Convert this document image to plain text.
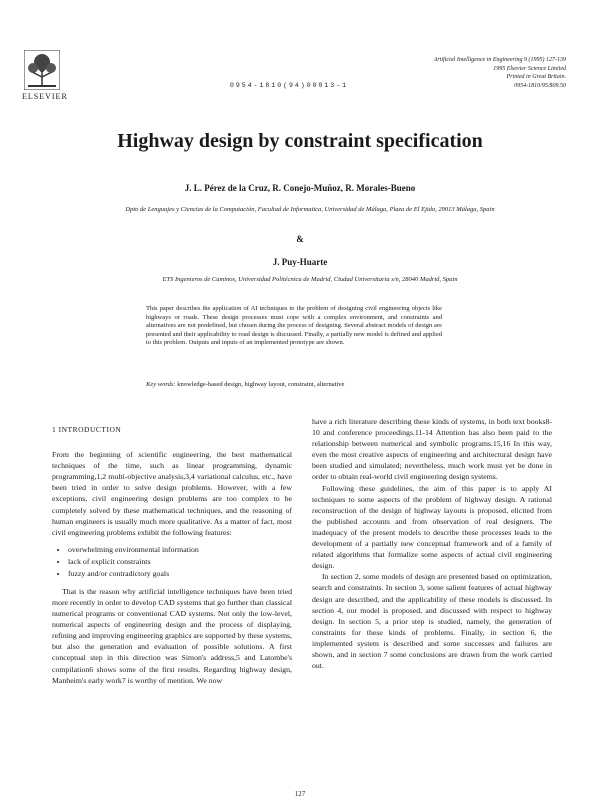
ELSEVIER
0954-1810(94)00013-1
Artificial Intelligence in Engineering 9 (1995) 127-139
1995 Elsevier Science Limited
Printed in Great Britain.
0954-1810/95/$09.50
Highway design by constraint specification
J. L. Pérez de la Cruz, R. Conejo-Muñoz, R. Morales-Bueno
Dpto de Lenguajes y Ciencias de la Computación, Facultad de Informatica, Universidad de Málaga, Plaza de El Ejido, 29013 Málaga, Spain
&
J. Puy-Huarte
ETS Ingenieros de Caminos, Universidad Politécnica de Madrid, Ciudad Universitaria s/n, 28040 Madrid, Spain
This paper describes the application of AI techniques to the problem of designing civil engineering objects like highways or roads. These design processes must cope with a complex environment, and constraints and alternatives are not predefined, but chosen during the process of designing. Several abstract models of design are presented and their applicability to road design is discussed. Finally, a partially new model is defined and applied to this problem. Outputs and inputs of an implemented prototype are shown.
Key words: knowledge-based design, highway layout, constraint, alternative
1 INTRODUCTION

From the beginning of scientific engineering, the best mathematical techniques of the time, such as linear programming, dynamic programming,1,2 multi-objective analysis,3,4 variational calculus, etc., have been tried in order to solve design problems. However, with a few exceptions, civil engineering design problems are too complex to be completely solved by these mathematical techniques, and the reasoning of human engineers is usually much more qualitative. As a matter of fact, most civil engineering problems exhibit the following features:

• overwhelming environmental information
• lack of explicit constraints
• fuzzy and/or contradictory goals

That is the reason why artificial intelligence techniques have been tried more recently in order to develop CAD systems that go further than classical numerical programs or conventional CAD systems. Not only the low-level, numerical aspects of engineering design and the process of displaying, refining and improving engineering graphics are supported by these systems, but also the generation and evaluation of possible solutions. A first conceptual step in this direction was Simon's address,5 and Latombe's compilation6 shows some of the first results. Regarding highway design, Manheim's early work7 is worthy of mention. We now

have a rich literature describing these kinds of systems, in both text books8-10 and conference proceedings.11-14 Attention has also been paid to the relationship between numerical and symbolic programs.15,16 In this way, even the most creative aspects of engineering and architectural design have been studied and simulated; nevertheless, much work must yet be done in order to obtain real-world civil engineering design systems.

Following these guidelines, the aim of this paper is to apply AI techniques to some aspects of the problem of highway design. A rational reconstruction of the design of highway layouts is proposed, elicited from the published accounts and from observation of real designers. The inadequacy of the present models to describe these processes leads to the development of a partially new conceptual framework and of a family of related algorithms that formalize some aspects of actual civil engineering design.

In section 2, some models of design are presented based on optimization, search and constraints. In section 3, some salient features of actual highway design are described, and the applicability of these models is discussed. In section 4, our model is proposed, and discussed with respect to highway design. In section 5, a prior step is studied, namely, the generation of constraints for these kinds of problems. Finally, in section 6, the implemented system is described and some successes and failures are shown, and in section 7 some conclusions are drawn from the work carried out.

127
